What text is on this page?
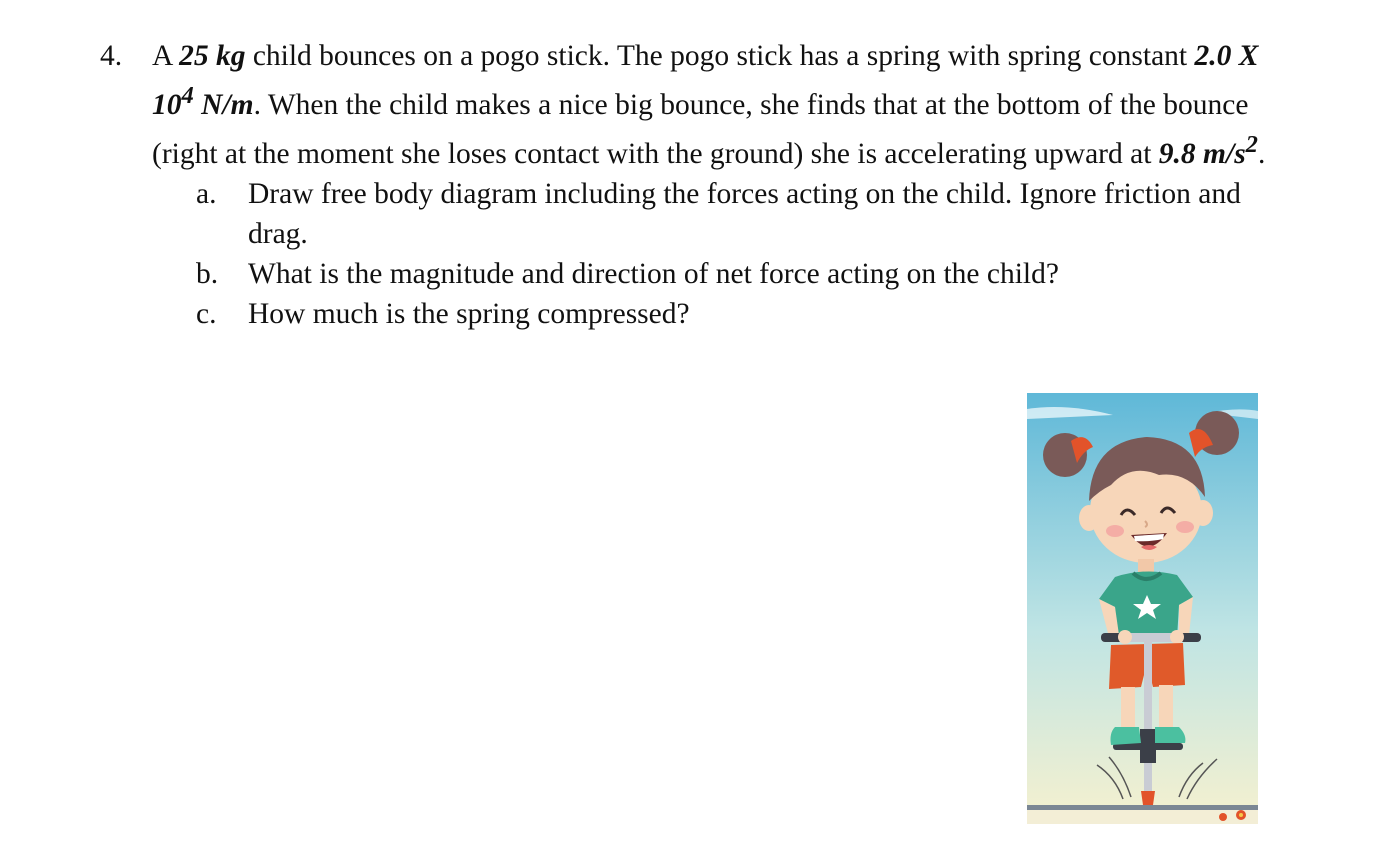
4.	A 25 kg child bounces on a pogo stick. The pogo stick has a spring with spring constant 2.0 X $10^4$ N/m. When the child makes a nice big bounce, she finds that at the bottom of the bounce (right at the moment she loses contact with the ground) she is accelerating upward at 9.8 $m/s^2$.
a.	Draw free body diagram including the forces acting on the child. Ignore friction and drag.
b.	What is the magnitude and direction of net force acting on the child?
c.	How much is the spring compressed?
